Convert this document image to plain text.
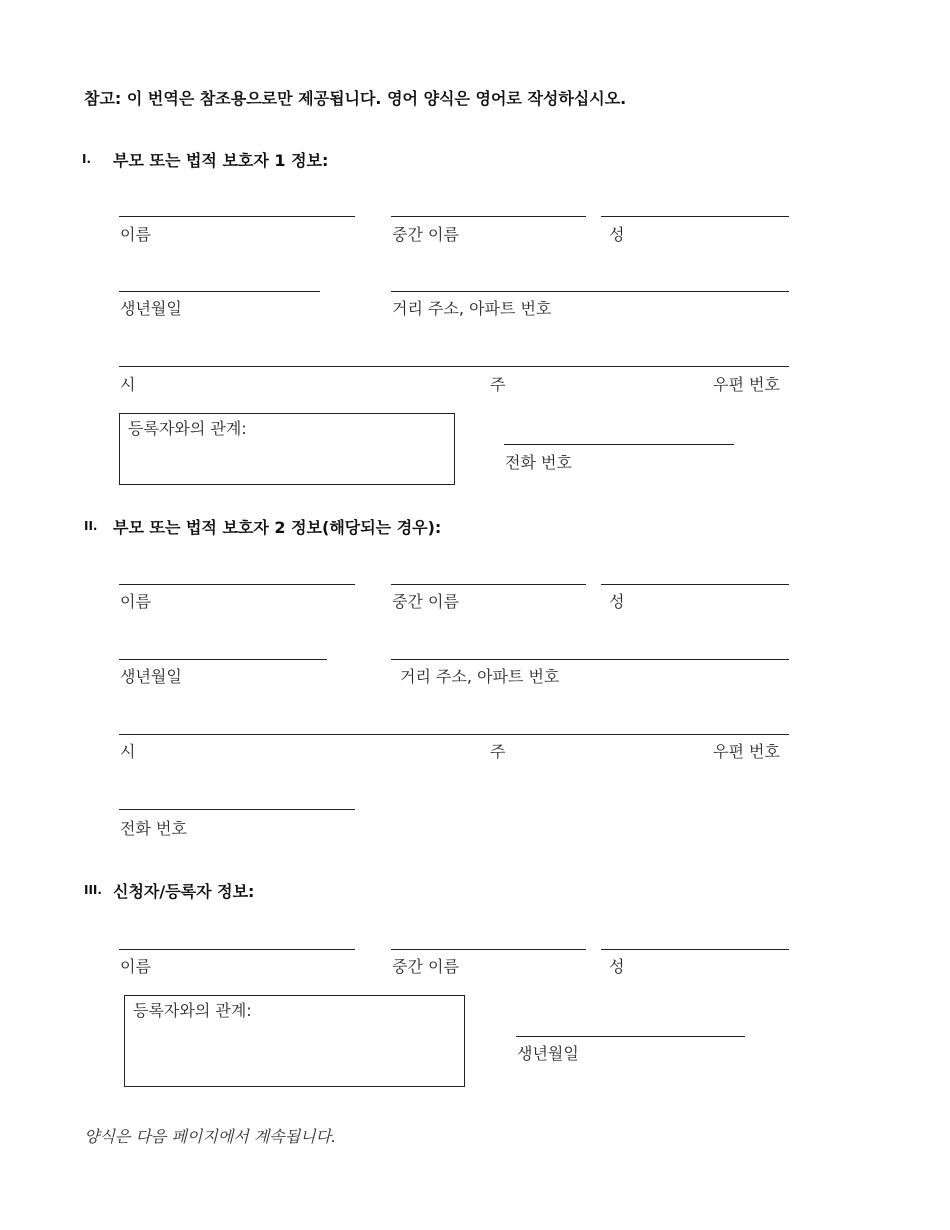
참고: 이 번역은 참조용으로만 제공됩니다. 영어 양식은 영어로 작성하십시오.
I. 부모 또는 법적 보호자 1 정보:
이름	중간 이름	성
생년월일	거리 주소, 아파트 번호
시	주	우편 번호
등록자와의 관계:
전화 번호
II. 부모 또는 법적 보호자 2 정보(해당되는 경우):
이름	중간 이름	성
생년월일	거리 주소, 아파트 번호
시	주	우편 번호
전화 번호
III. 신청자/등록자 정보:
이름	중간 이름	성
등록자와의 관계:
생년월일
양식은 다음 페이지에서 계속됩니다.
